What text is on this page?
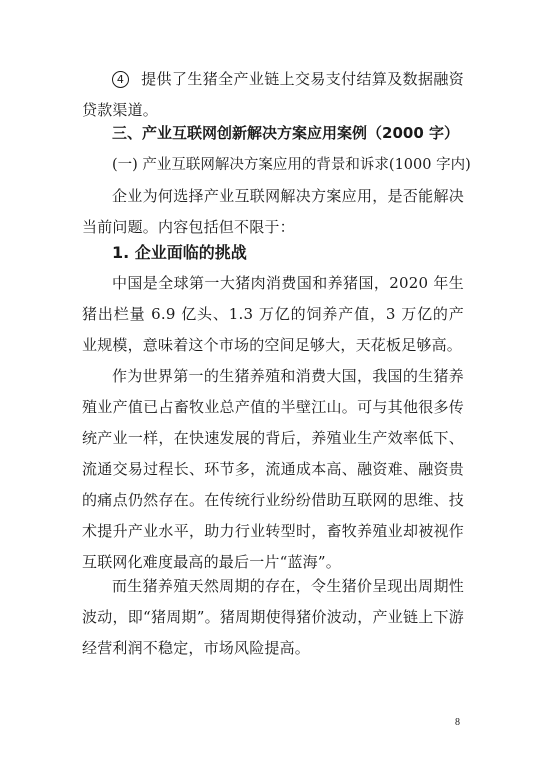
4 提供了生猪全产业链上交易支付结算及数据融资贷款渠道。

三、产业互联网创新解决方案应用案例（2000 字）

(一) 产业互联网解决方案应用的背景和诉求(1000 字内)

企业为何选择产业互联网解决方案应用，是否能解决当前问题。内容包括但不限于：

1. 企业面临的挑战

中国是全球第一大猪肉消费国和养猪国，2020 年生猪出栏量 6.9 亿头、1.3 万亿的饲养产值，3 万亿的产业规模，意味着这个市场的空间足够大，天花板足够高。

作为世界第一的生猪养殖和消费大国，我国的生猪养殖业产值已占畜牧业总产值的半壁江山。可与其他很多传统产业一样，在快速发展的背后，养殖业生产效率低下、流通交易过程长、环节多，流通成本高、融资难、融资贵的痛点仍然存在。在传统行业纷纷借助互联网的思维、技术提升产业水平，助力行业转型时，畜牧养殖业却被视作互联网化难度最高的最后一片“蓝海”。

而生猪养殖天然周期的存在，令生猪价呈现出周期性波动，即“猪周期”。猪周期使得猪价波动，产业链上下游经营利润不稳定，市场风险提高。

8
